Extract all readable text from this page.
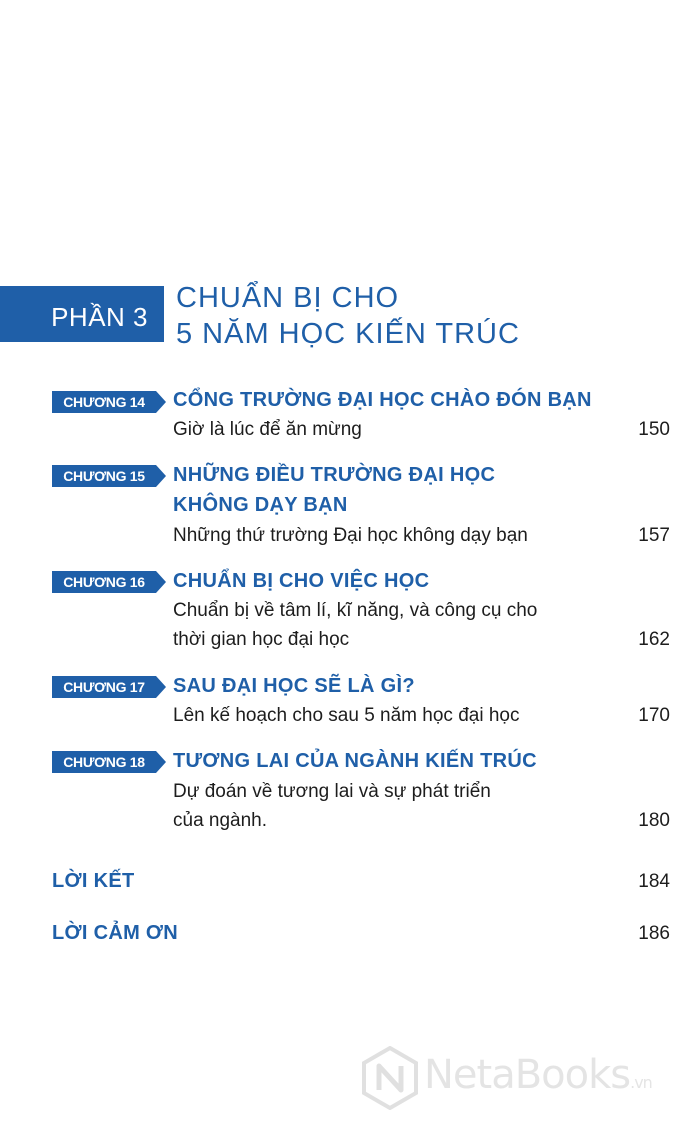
PHẦN 3
CHUẨN BỊ CHO
5 NĂM HỌC KIẾN TRÚC
CHƯƠNG 14	CỔNG TRƯỜNG ĐẠI HỌC CHÀO ĐÓN BẠN
Giờ là lúc để ăn mừng	150
CHƯƠNG 15	NHỮNG ĐIỀU TRƯỜNG ĐẠI HỌC
KHÔNG DẠY BẠN
Những thứ trường Đại học không dạy bạn	157
CHƯƠNG 16	CHUẨN BỊ CHO VIỆC HỌC
Chuẩn bị về tâm lí, kĩ năng, và công cụ cho
thời gian học đại học	162
CHƯƠNG 17	SAU ĐẠI HỌC SẼ LÀ GÌ?
Lên kế hoạch cho sau 5 năm học đại học	170
CHƯƠNG 18	TƯƠNG LAI CỦA NGÀNH KIẾN TRÚC
Dự đoán về tương lai và sự phát triển
của ngành.	180
LỜI KẾT	184
LỜI CẢM ƠN	186
NetaBooks.vn
